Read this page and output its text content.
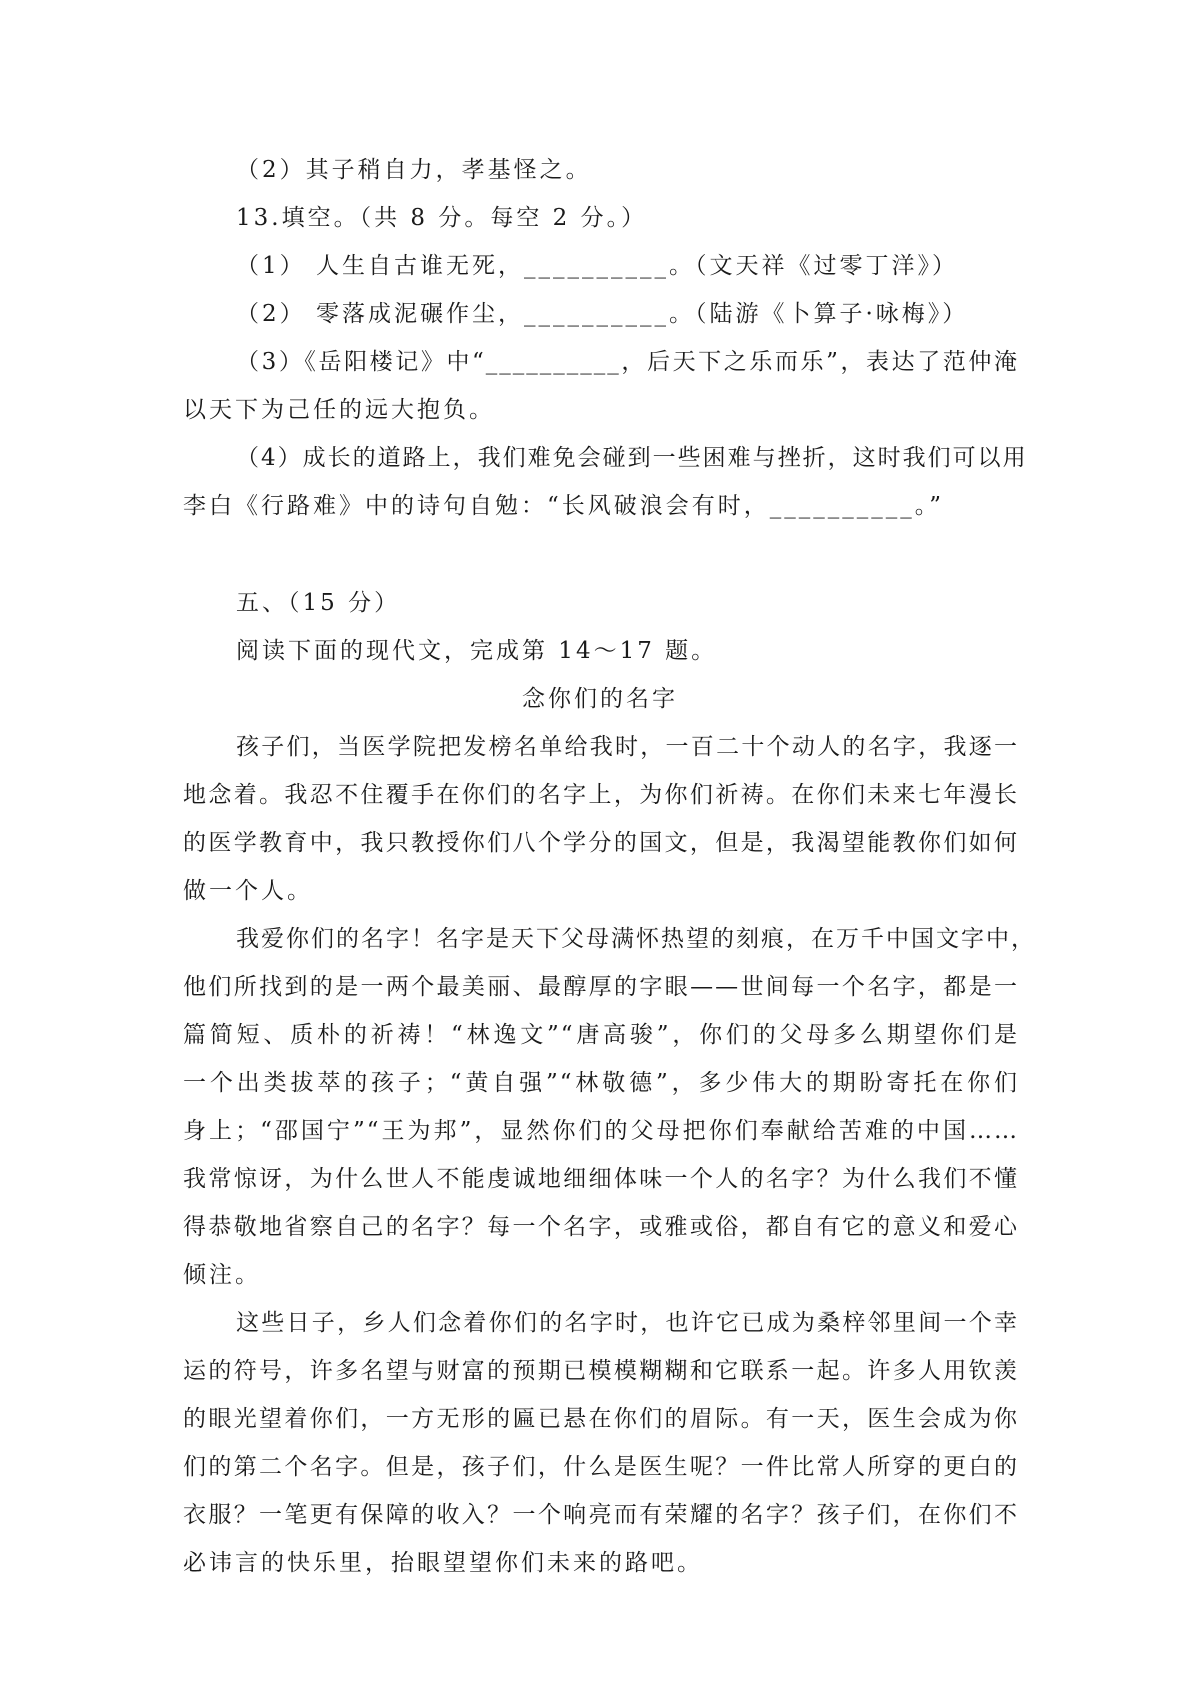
（2）其子稍自力，孝基怪之。
13.填空。（共 8 分。每空 2 分。）
（1） 人生自古谁无死，__________。（文天祥《过零丁洋》）
（2） 零落成泥碾作尘，__________。（陆游《卜算子·咏梅》）
（3）《岳阳楼记》中“__________，后天下之乐而乐”，表达了范仲淹
以天下为己任的远大抱负。
（4）成长的道路上，我们难免会碰到一些困难与挫折，这时我们可以用
李白《行路难》中的诗句自勉：“长风破浪会有时，__________。”
五、（15 分）
阅读下面的现代文，完成第 14～17 题。
念你们的名字
孩子们，当医学院把发榜名单给我时，一百二十个动人的名字，我逐一
地念着。我忍不住覆手在你们的名字上，为你们祈祷。在你们未来七年漫长
的医学教育中，我只教授你们八个学分的国文，但是，我渴望能教你们如何
做一个人。
我爱你们的名字！名字是天下父母满怀热望的刻痕，在万千中国文字中，
他们所找到的是一两个最美丽、最醇厚的字眼——世间每一个名字，都是一
篇简短、质朴的祈祷！“林逸文”“唐高骏”，你们的父母多么期望你们是
一个出类拔萃的孩子；“黄自强”“林敬德”，多少伟大的期盼寄托在你们
身上；“邵国宁”“王为邦”，显然你们的父母把你们奉献给苦难的中国……
我常惊讶，为什么世人不能虔诚地细细体味一个人的名字？为什么我们不懂
得恭敬地省察自己的名字？每一个名字，或雅或俗，都自有它的意义和爱心
倾注。
这些日子，乡人们念着你们的名字时，也许它已成为桑梓邻里间一个幸
运的符号，许多名望与财富的预期已模模糊糊和它联系一起。许多人用钦羡
的眼光望着你们，一方无形的匾已悬在你们的眉际。有一天，医生会成为你
们的第二个名字。但是，孩子们，什么是医生呢？一件比常人所穿的更白的
衣服？一笔更有保障的收入？一个响亮而有荣耀的名字？孩子们，在你们不
必讳言的快乐里，抬眼望望你们未来的路吧。
